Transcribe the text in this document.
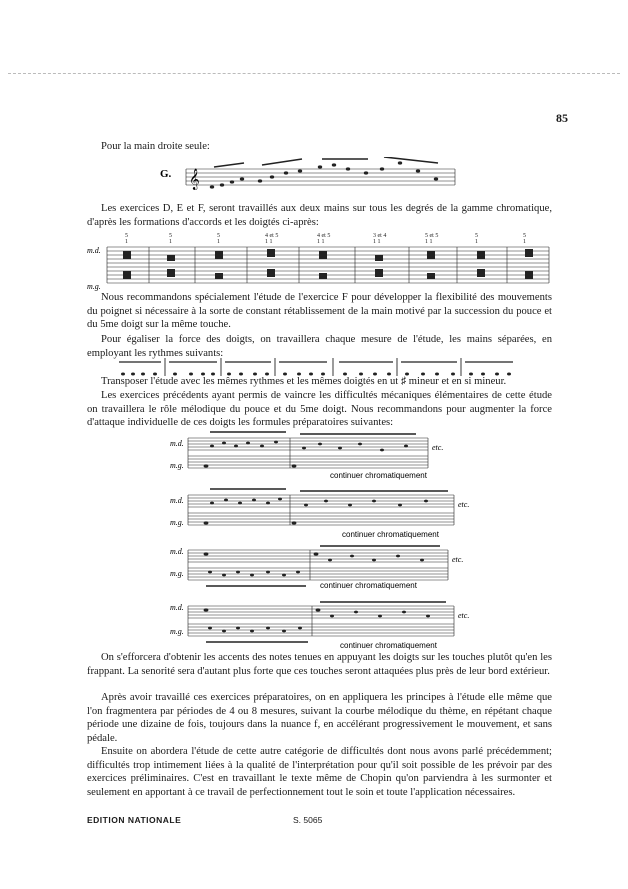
85

Pour la main droite seule:

G. 𝄞

Les exercices D, E et F, seront travaillés aux deux mains sur tous les degrés de la gamme chromatique, d'après les formations d'accords et les doigtés ci-après:

m.d.
m.g.
5
1
5
1
5
1
4 et 5
1 1
4 et 5
1 1
3 et 4
1 1
5 et 5
1 1
5
1
5
1

Nous recommandons spécialement l'étude de l'exercice F pour développer la flexibilité des mouvements du poignet si nécessaire à la sorte de constant rétablissement de la main motivé par la succession du pouce et du 5me doigt sur la même touche.

Pour égaliser la force des doigts, on travaillera chaque mesure de l'étude, les mains séparées, en employant les rythmes suivants:

Transposer l'étude avec les mêmes rythmes et les mêmes doigtés en ut ♯ mineur et en si mineur.

Les exercices précédents ayant permis de vaincre les difficultés mécaniques élémentaires de cette étude on travaillera le rôle mélodique du pouce et du 5me doigt. Nous recommandons pour augmenter la force d'attaque individuelle de ces doigts les formules préparatoires suivantes:

m.d.
m.g.
etc.
continuer chromatiquement
m.d.
m.g.
etc.
continuer chromatiquement
m.d.
m.g.
etc.
continuer chromatiquement
m.d.
m.g.
etc.
continuer chromatiquement

On s'efforcera d'obtenir les accents des notes tenues en appuyant les doigts sur les touches plutôt qu'en les frappant. La senorité sera d'autant plus forte que ces touches seront attaquées plus près de leur bord extérieur.

Après avoir travaillé ces exercices préparatoires, on en appliquera les principes à l'étude elle même que l'on fragmentera par périodes de 4 ou 8 mesures, suivant la courbe mélodique du thème, en répétant chaque période une dizaine de fois, toujours dans la nuance f, en accélérant progressivement le mouvement, et sans pédale.

Ensuite on abordera l'étude de cette autre catégorie de difficultés dont nous avons parlé précédemment; difficultés trop intimement liées à la qualité de l'interprétation pour qu'il soit possible de les prévoir par des exercices préliminaires. C'est en travaillant le texte même de Chopin qu'on parviendra à les surmonter et seulement en apportant à ce travail de perfectionnement tout le soin et toute l'application nécessaires.

EDITION NATIONALE	S. 5065
